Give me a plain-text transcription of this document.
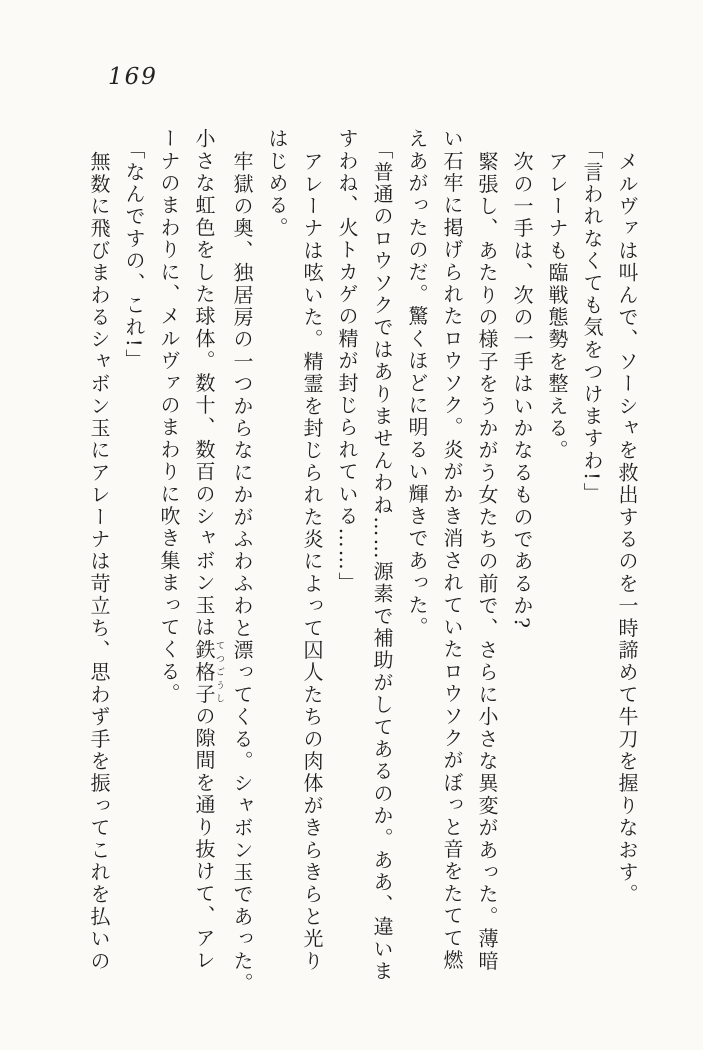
169

メルヴァは叫んで、ソーシャを救出するのを一時諦めて牛刀を握りなおす。

「言われなくても気をつけますわ!」

アレーナも臨戦態勢を整える。

次の一手は、次の一手はいかなるものであるか?

緊張し、あたりの様子をうかがう女たちの前で、さらに小さな異変があった。薄暗

い石牢に掲げられたロウソク。炎がかき消されていたロウソクがぼっと音をたてて燃

えあがったのだ。驚くほどに明るい輝きであった。

「普通のロウソクではありませんわね……源素で補助がしてあるのか。ああ、違いま

すわね、火トカゲの精が封じられている……」

アレーナは呟いた。精霊を封じられた炎によって囚人たちの肉体がきらきらと光り

はじめる。

牢獄の奥、独居房の一つからなにかがふわふわと漂ってくる。シャボン玉であった。

小さな虹色をした球体。数十、数百のシャボン玉は鉄格子てつごうしの隙間を通り抜けて、アレ

ーナのまわりに、メルヴァのまわりに吹き集まってくる。

「なんですの、これ!」

無数に飛びまわるシャボン玉にアレーナは苛立ち、思わず手を振ってこれを払いの
